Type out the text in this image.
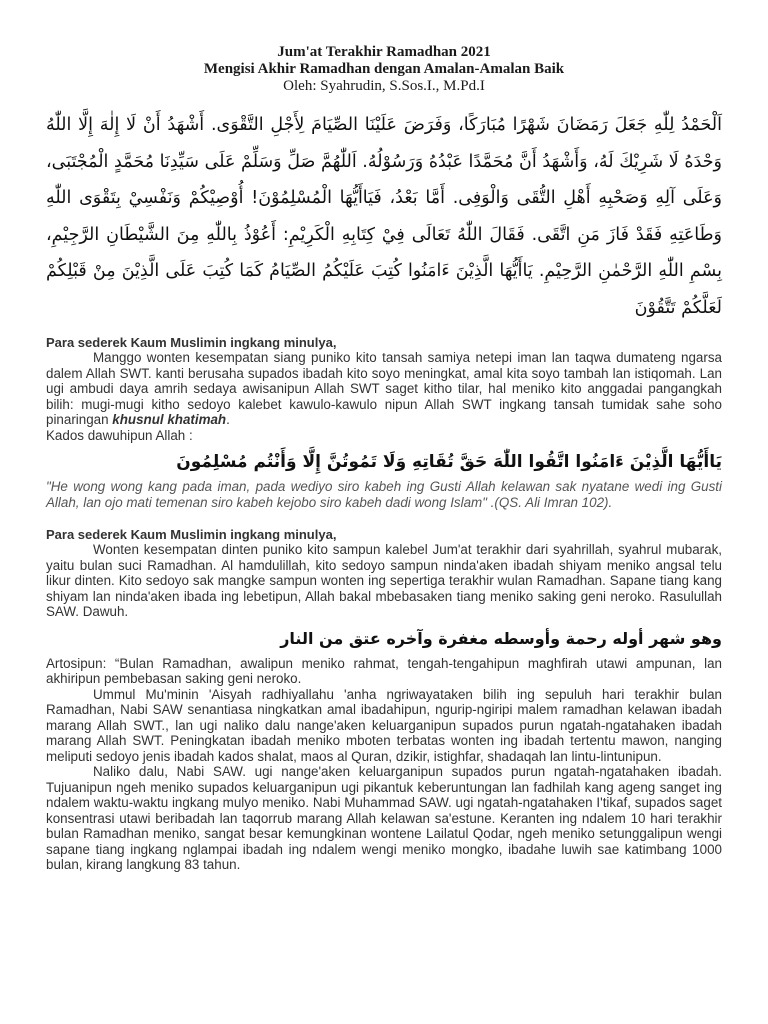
Jum'at Terakhir Ramadhan 2021
Mengisi Akhir Ramadhan dengan Amalan-Amalan Baik
Oleh: Syahrudin, S.Sos.I., M.Pd.I
اَلْحَمْدُ لِلّٰهِ جَعَلَ رَمَضَانَ شَهْرًا مُبَارَكًا، وَفَرَضَ عَلَيْنَا الصِّيَامَ لِأَجْلِ التَّقْوَى. أَشْهَدُ أَنْ لَا إِلٰهَ إِلَّا اللّٰهُ وَحْدَهُ لَا شَرِيْكَ لَهُ، وَأَشْهَدُ أَنَّ مُحَمَّدًا عَبْدُهُ وَرَسُوْلُهُ. اَللّٰهُمَّ صَلِّ وَسَلِّمْ عَلَى سَيِّدِنَا مُحَمَّدٍ الْمُجْتَبَى، وَعَلَى آلِهِ وَصَحْبِهِ أَهْلِ التُّقَى وَالْوَفِى. أَمَّا بَعْدُ، فَيَاأَيُّهَا الْمُسْلِمُوْنَ! أُوْصِيْكُمْ وَنَفْسِيْ بِتَقْوَى اللّٰهِ وَطَاعَتِهِ فَقَدْ فَازَ مَنِ اتَّقَى. فَقَالَ اللّٰهُ تَعَالَى فِيْ كِتَابِهِ الْكَرِيْمِ: أَعُوْذُ بِاللّٰهِ مِنَ الشَّيْطَانِ الرَّجِيْمِ، بِسْمِ اللّٰهِ الرَّحْمٰنِ الرَّحِيْمِ. يَاأَيُّهَا الَّذِيْنَ ءَامَنُوا كُتِبَ عَلَيْكُمُ الصِّيَامُ كَمَا كُتِبَ عَلَى الَّذِيْنَ مِنْ قَبْلِكُمْ لَعَلَّكُمْ تَتَّقُوْنَ
Para sederek Kaum Muslimin ingkang minulya,
Manggo wonten kesempatan siang puniko kito tansah samiya netepi iman lan taqwa dumateng ngarsa dalem Allah SWT. kanti berusaha supados ibadah kito soyo meningkat, amal kita soyo tambah lan istiqomah. Lan ugi ambudi daya amrih sedaya awisanipun Allah SWT saget kitho tilar, hal meniko kito anggadai pangangkah bilih: mugi-mugi kitho sedoyo kalebet kawulo-kawulo nipun Allah SWT ingkang tansah tumidak sahe soho pinaringan khusnul khatimah.
Kados dawuhipun Allah :
يَاأَيُّهَا الَّذِيْنَ ءَامَنُوا اتَّقُوا اللّٰهَ حَقَّ تُقَاتِهِ وَلَا تَمُوتُنَّ إِلَّا وَأَنْتُم مُسْلِمُونَ
"He wong wong kang pada iman, pada wediyo siro kabeh ing Gusti Allah kelawan sak nyatane wedi ing Gusti Allah, lan ojo mati temenan siro kabeh kejobo siro kabeh dadi wong Islam" .(QS. Ali Imran 102).
Para sederek Kaum Muslimin ingkang minulya,
Wonten kesempatan dinten puniko kito sampun kalebel Jum'at terakhir dari syahrillah, syahrul mubarak, yaitu bulan suci Ramadhan. Al hamdulillah, kito sedoyo sampun ninda'aken ibadah shiyam meniko angsal telu likur dinten. Kito sedoyo sak mangke sampun wonten ing sepertiga terakhir wulan Ramadhan. Sapane tiang kang shiyam lan ninda'aken ibada ing lebetipun, Allah bakal mbebasaken tiang meniko saking geni neroko. Rasulullah SAW. Dawuh.
وهو شهر أوله رحمة وأوسطه مغفرة وآخره عتق من النار
Artosipun: “Bulan Ramadhan, awalipun meniko rahmat, tengah-tengahipun maghfirah utawi ampunan, lan akhiripun pembebasan saking geni neroko.
Ummul Mu'minin 'Aisyah radhiyallahu 'anha ngriwayataken bilih ing sepuluh hari terakhir bulan Ramadhan, Nabi SAW senantiasa ningkatkan amal ibadahipun, ngurip-ngiripi malem ramadhan kelawan ibadah marang Allah SWT., lan ugi naliko dalu nange'aken keluarganipun supados purun ngatah-ngatahaken ibadah marang Allah SWT. Peningkatan ibadah meniko mboten terbatas wonten ing ibadah tertentu mawon, nanging meliputi sedoyo jenis ibadah kados shalat, maos al Quran, dzikir, istighfar, shadaqah lan lintu-lintunipun.
Naliko dalu, Nabi SAW. ugi nange'aken keluarganipun supados purun ngatah-ngatahaken ibadah. Tujuanipun ngeh meniko supados keluarganipun ugi pikantuk keberuntungan lan fadhilah kang ageng sanget ing ndalem waktu-waktu ingkang mulyo meniko. Nabi Muhammad SAW. ugi ngatah-ngatahaken I'tikaf, supados saget konsentrasi utawi beribadah lan taqorrub marang Allah kelawan sa'estune. Keranten ing ndalem 10 hari terakhir bulan Ramadhan meniko, sangat besar kemungkinan wontene Lailatul Qodar, ngeh meniko setunggalipun wengi sapane tiang ingkang nglampai ibadah ing ndalem wengi meniko mongko, ibadahe luwih sae katimbang 1000 bulan, kirang langkung 83 tahun.
